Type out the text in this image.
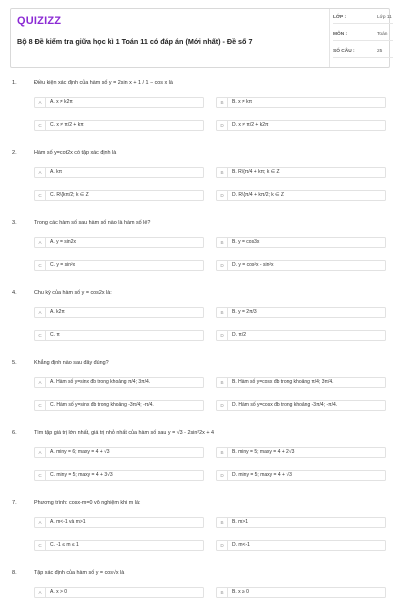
QUIZIZZ
Bộ 8 Đề kiểm tra giữa học kì 1 Toán 11 có đáp án (Mới nhất) - Đề số 7
LỚP :	Lớp 11
MÔN :	Toán
SỐ CÂU :	25
1.	Điều kiện xác định của hàm số y = 2sin x + 1 / 1 − cos x là
A	A. x ≠ k2π	B	B. x ≠ kπ
C	C. x ≠ π/2 + kπ	D	D. x ≠ π/2 + k2π
2.	Hàm số y=cot2x có tập xác định là
A	A. kπ	B	B. R\{π/4 + kπ; k ∈ Z
C	C. R\{kπ/2; k ∈ Z	D	D. R\{π/4 + kπ/2; k ∈ Z
3.	Trong các hàm số sau hàm số nào là hàm số lẻ?
A	A. y = sin2x	B	B. y = cos3x
C	C. y = sin²x	D	D. y = cos²x - sin²x
4.	Chu kỳ của hàm số y = cos2x là:
A	A. k2π	B	B. y = 2π/3
C	C. π	D	D. π/2
5.	Khẳng định nào sau đây đúng?
A	A. Hàm số y=sinx đb trong khoảng π/4; 3π/4.	B	B. Hàm số y=cosx đb trong khoảng π/4; 3π/4.
C	C. Hàm số y=sinx đb trong khoảng -3π/4; -π/4.	D	D. Hàm số y=cosx đb trong khoảng -3π/4; -π/4.
6.	Tìm tập giá trị lớn nhất, giá trị nhỏ nhất của hàm số sau y = √3 - 2sin²2x + 4
A	A. miny = 6; maxy = 4 + √3	B	B. miny = 5; maxy = 4 + 2√3
C	C. miny = 5; maxy = 4 + 3√3	D	D. miny = 5; maxy = 4 + √3
7.	Phương trình: cosx-m=0 vô nghiệm khi m là:
A	A. m<-1 và m>1	B	B. m>1
C	C. -1 ≤ m ≤ 1	D	D. m<-1
8.	Tập xác định của hàm số y = cos√x là
A	A. x > 0	B	B. x ≥ 0
